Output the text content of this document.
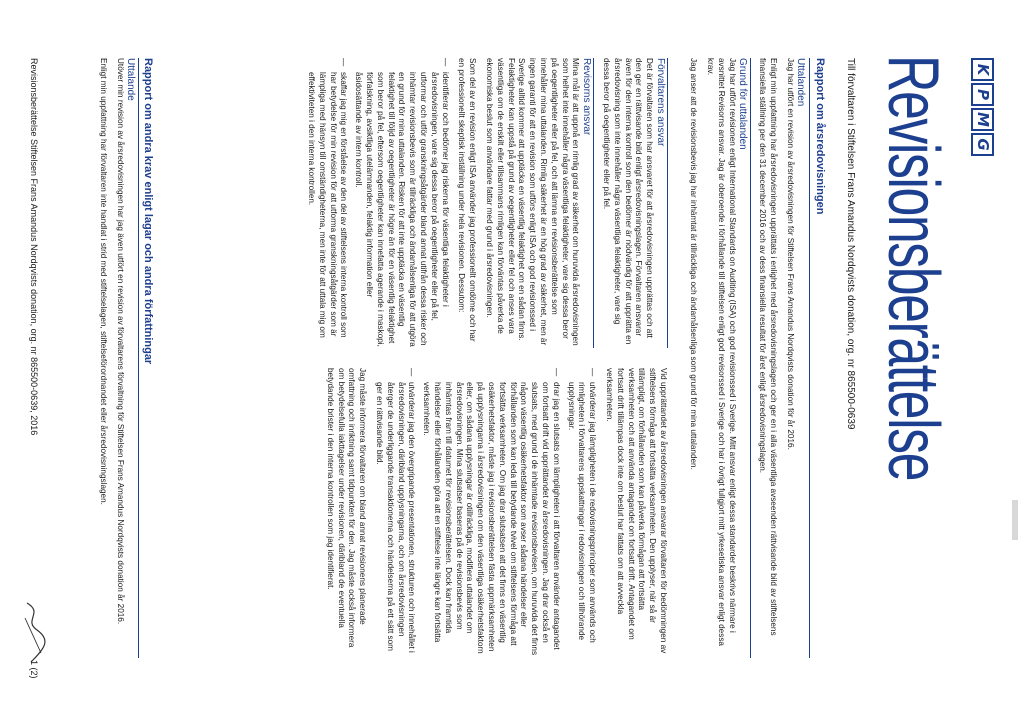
K
P
M
G
Revisionsberättelse
Till förvaltaren i Stiftelsen Frans Amandus Nordqvists donation, org. nr 865500-0639
Rapport om årsredovisningen
Uttalanden

Jag har utfört en revision av årsredovisningen för Stiftelsen Frans Amandus Nordqvists donation för år 2016.

Enligt min uppfattning har årsredovisningen upprättats i enlighet med årsredovisningslagen och ger en i alla väsentliga avseenden rättvisande bild av stiftelsens finansiella ställning per den 31 december 2016 och av dess finansiella resultat för året enligt årsredovisningslagen.

Grund för uttalanden

Jag har utfört revisionen enligt International Standards on Auditing (ISA) och god revisionssed i Sverige. Mitt ansvar enligt dessa standarder beskrivs närmare i avsnittet Revisorns ansvar. Jag är oberoende i förhållande till stiftelsen enligt god revisorssed i Sverige och har i övrigt fullgjort mitt yrkesetiska ansvar enligt dessa krav.

Jag anser att de revisionsbevis jag har inhämtat är tillräckliga och ändamålsenliga som grund för mina uttalanden.

Förvaltarens ansvar

Det är förvaltaren som har ansvaret för att årsredovisningen upprättas och att den ger en rättvisande bild enligt årsredovisningslagen. Förvaltaren ansvarar även för den interna kontroll som den bedömer är nödvändig för att upprätta en årsredovisning som inte innehåller några väsentliga felaktigheter, vare sig dessa beror på oegentligheter eller på fel.

Revisorns ansvar

Mina mål är att uppnå en rimlig grad av säkerhet om huruvida årsredovisningen som helhet inte innehåller några väsentliga felaktigheter, vare sig dessa beror på oegentligheter eller på fel, och att lämna en revisionsberättelse som innehåller mina uttalanden. Rimlig säkerhet är en hög grad av säkerhet, men är ingen garanti för att en revision som utförs enligt ISA och god revisionssed i Sverige alltid kommer att upptäcka en väsentlig felaktighet om en sådan finns. Felaktigheter kan uppstå på grund av oegentligheter eller fel och anses vara väsentliga om de enskilt eller tillsammans rimligen kan förväntas påverka de ekonomiska beslut som användare fattar med grund i årsredovisningen.

Som del av en revision enligt ISA använder jag professionellt omdöme och har en professionellt skeptisk inställning under hela revisionen. Dessutom:

— identifierar och bedömer jag riskerna för väsentliga felaktigheter i årsredovisningen, vare sig dessa beror på oegentligheter eller på fel, utformar och utför granskningsåtgärder bland annat utifrån dessa risker och inhämtar revisionsbevis som är tillräckliga och ändamålsenliga för att utgöra en grund för mina uttalanden. Risken för att inte upptäcka en väsentlig felaktighet till följd av oegentligheter är högre än för en väsentlig felaktighet som beror på fel, eftersom oegentligheter kan innefatta agerande i maskopi, förfalskning, avsiktliga utelämnanden, felaktig information eller åsidosättande av intern kontroll.
— skaffar jag mig en förståelse av den del av stiftelsens interna kontroll som har betydelse för min revision för att utforma granskningsåtgärder som är lämpliga med hänsyn till omständigheterna, men inte för att uttala mig om effektiviteten i den interna kontrollen.

Vid upprättandet av årsredovisningen ansvarar förvaltaren för bedömningen av stiftelsens förmåga att fortsätta verksamheten. Den upplyser, när så är tillämpligt, om förhållanden som kan påverka förmågan att fortsätta verksamheten och att använda antagandet om fortsatt drift. Antagandet om fortsatt drift tillämpas dock inte om beslut har fattats om att avveckla verksamheten.

— utvärderar jag lämpligheten i de redovisningsprinciper som används och rimligheten i förvaltarens uppskattningar i redovisningen och tillhörande upplysningar.
— drar jag en slutsats om lämpligheten i att förvaltaren använder antagandet om fortsatt drift vid upprättandet av årsredovisningen. Jag drar också en slutsats, med grund i de inhämtade revisionsbevisen, om huruvida det finns någon väsentlig osäkerhetsfaktor som avser sådana händelser eller förhållanden som kan leda till betydande tvivel om stiftelsens förmåga att fortsätta verksamheten. Om jag drar slutsatsen att det finns en väsentlig osäkerhetsfaktor, måste jag i revisionsberättelsen fästa uppmärksamheten på upplysningarna i årsredovisningen om den väsentliga osäkerhetsfaktorn eller, om sådana upplysningar är otillräckliga, modifiera uttalandet om årsredovisningen. Mina slutsatser baseras på de revisionsbevis som inhämtas fram till datumet för revisionsberättelsen. Dock kan framtida händelser eller förhållanden göra att en stiftelse inte längre kan fortsätta verksamheten.
— utvärderar jag den övergripande presentationen, strukturen och innehållet i årsredovisningen, däribland upplysningarna, och om årsredovisningen återger de underliggande transaktionerna och händelserna på ett sätt som ger en rättvisande bild.

Jag måste informera förvaltaren om bland annat revisionens planerade omfattning och inriktning samt tidpunkten för den. Jag måste också informera om betydelsefulla iakttagelser under revisionen, däribland de eventuella betydande brister i den interna kontrollen som jag identifierat.

Rapport om andra krav enligt lagar och andra författningar
Uttalande

Utöver min revision av årsredovisningen har jag även utfört en revision av förvaltarens förvaltning för Stiftelsen Frans Amandus Nordqvists donation år 2016.

Enligt min uppfattning har förvaltaren inte handlat i strid med stiftelselagen, stiftelseförordnandet eller årsredovisningslagen.

Revisionsberättelse Stiftelsen Frans Amandus Nordqvists donation, org. nr 865500-0639, 2016
1 (2)
